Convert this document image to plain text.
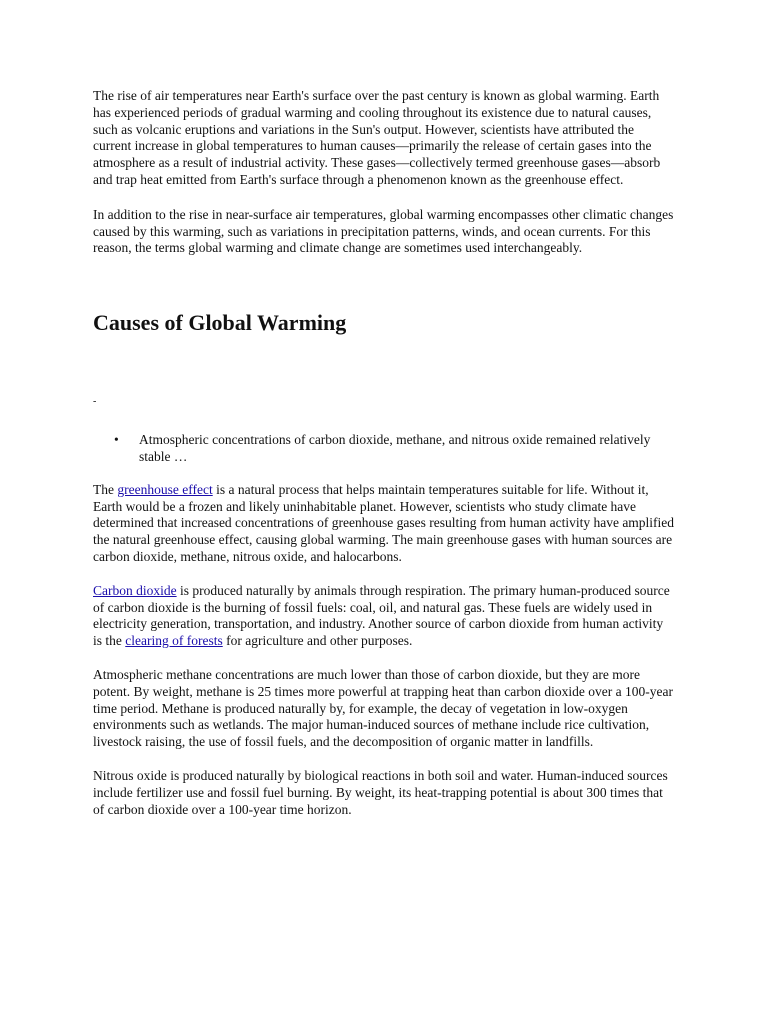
The rise of air temperatures near Earth's surface over the past century is known as global warming. Earth has experienced periods of gradual warming and cooling throughout its existence due to natural causes, such as volcanic eruptions and variations in the Sun's output. However, scientists have attributed the current increase in global temperatures to human causes—primarily the release of certain gases into the atmosphere as a result of industrial activity. These gases—collectively termed greenhouse gases—absorb and trap heat emitted from Earth's surface through a phenomenon known as the greenhouse effect.

In addition to the rise in near-surface air temperatures, global warming encompasses other climatic changes caused by this warming, such as variations in precipitation patterns, winds, and ocean currents. For this reason, the terms global warming and climate change are sometimes used interchangeably.

Causes of Global Warming
-
• Atmospheric concentrations of carbon dioxide, methane, and nitrous oxide remained relatively stable …

The greenhouse effect is a natural process that helps maintain temperatures suitable for life. Without it, Earth would be a frozen and likely uninhabitable planet. However, scientists who study climate have determined that increased concentrations of greenhouse gases resulting from human activity have amplified the natural greenhouse effect, causing global warming. The main greenhouse gases with human sources are carbon dioxide, methane, nitrous oxide, and halocarbons.

Carbon dioxide is produced naturally by animals through respiration. The primary human-produced source of carbon dioxide is the burning of fossil fuels: coal, oil, and natural gas. These fuels are widely used in electricity generation, transportation, and industry. Another source of carbon dioxide from human activity is the clearing of forests for agriculture and other purposes.

Atmospheric methane concentrations are much lower than those of carbon dioxide, but they are more potent. By weight, methane is 25 times more powerful at trapping heat than carbon dioxide over a 100-year time period. Methane is produced naturally by, for example, the decay of vegetation in low-oxygen environments such as wetlands. The major human-induced sources of methane include rice cultivation, livestock raising, the use of fossil fuels, and the decomposition of organic matter in landfills.

Nitrous oxide is produced naturally by biological reactions in both soil and water. Human-induced sources include fertilizer use and fossil fuel burning. By weight, its heat-trapping potential is about 300 times that of carbon dioxide over a 100-year time horizon.
